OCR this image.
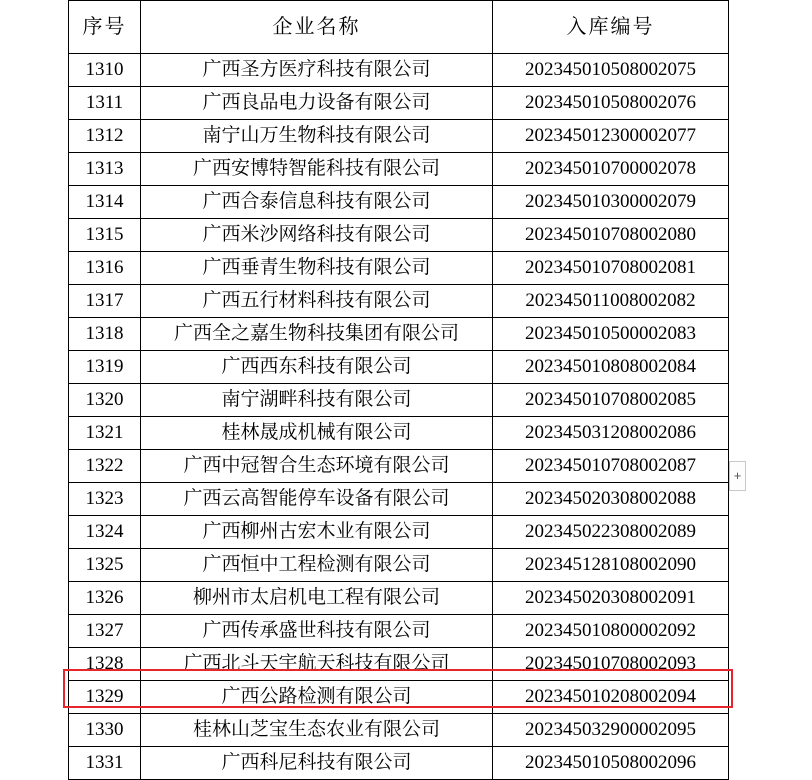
序号	企业名称	入库编号
1310	广西圣方医疗科技有限公司	202345010508002075
1311	广西良品电力设备有限公司	202345010508002076
1312	南宁山万生物科技有限公司	202345012300002077
1313	广西安博特智能科技有限公司	202345010700002078
1314	广西合泰信息科技有限公司	202345010300002079
1315	广西米沙网络科技有限公司	202345010708002080
1316	广西垂青生物科技有限公司	202345010708002081
1317	广西五行材料科技有限公司	202345011008002082
1318	广西全之嘉生物科技集团有限公司	202345010500002083
1319	广西西东科技有限公司	202345010808002084
1320	南宁湖畔科技有限公司	202345010708002085
1321	桂林晟成机械有限公司	202345031208002086
1322	广西中冠智合生态环境有限公司	202345010708002087
1323	广西云高智能停车设备有限公司	202345020308002088
1324	广西柳州古宏木业有限公司	202345022308002089
1325	广西恒中工程检测有限公司	202345128108002090
1326	柳州市太启机电工程有限公司	202345020308002091
1327	广西传承盛世科技有限公司	202345010800002092
1328	广西北斗天宇航天科技有限公司	202345010708002093
1329	广西公路检测有限公司	202345010208002094
1330	桂林山芝宝生态农业有限公司	202345032900002095
1331	广西科尼科技有限公司	202345010508002096
+
